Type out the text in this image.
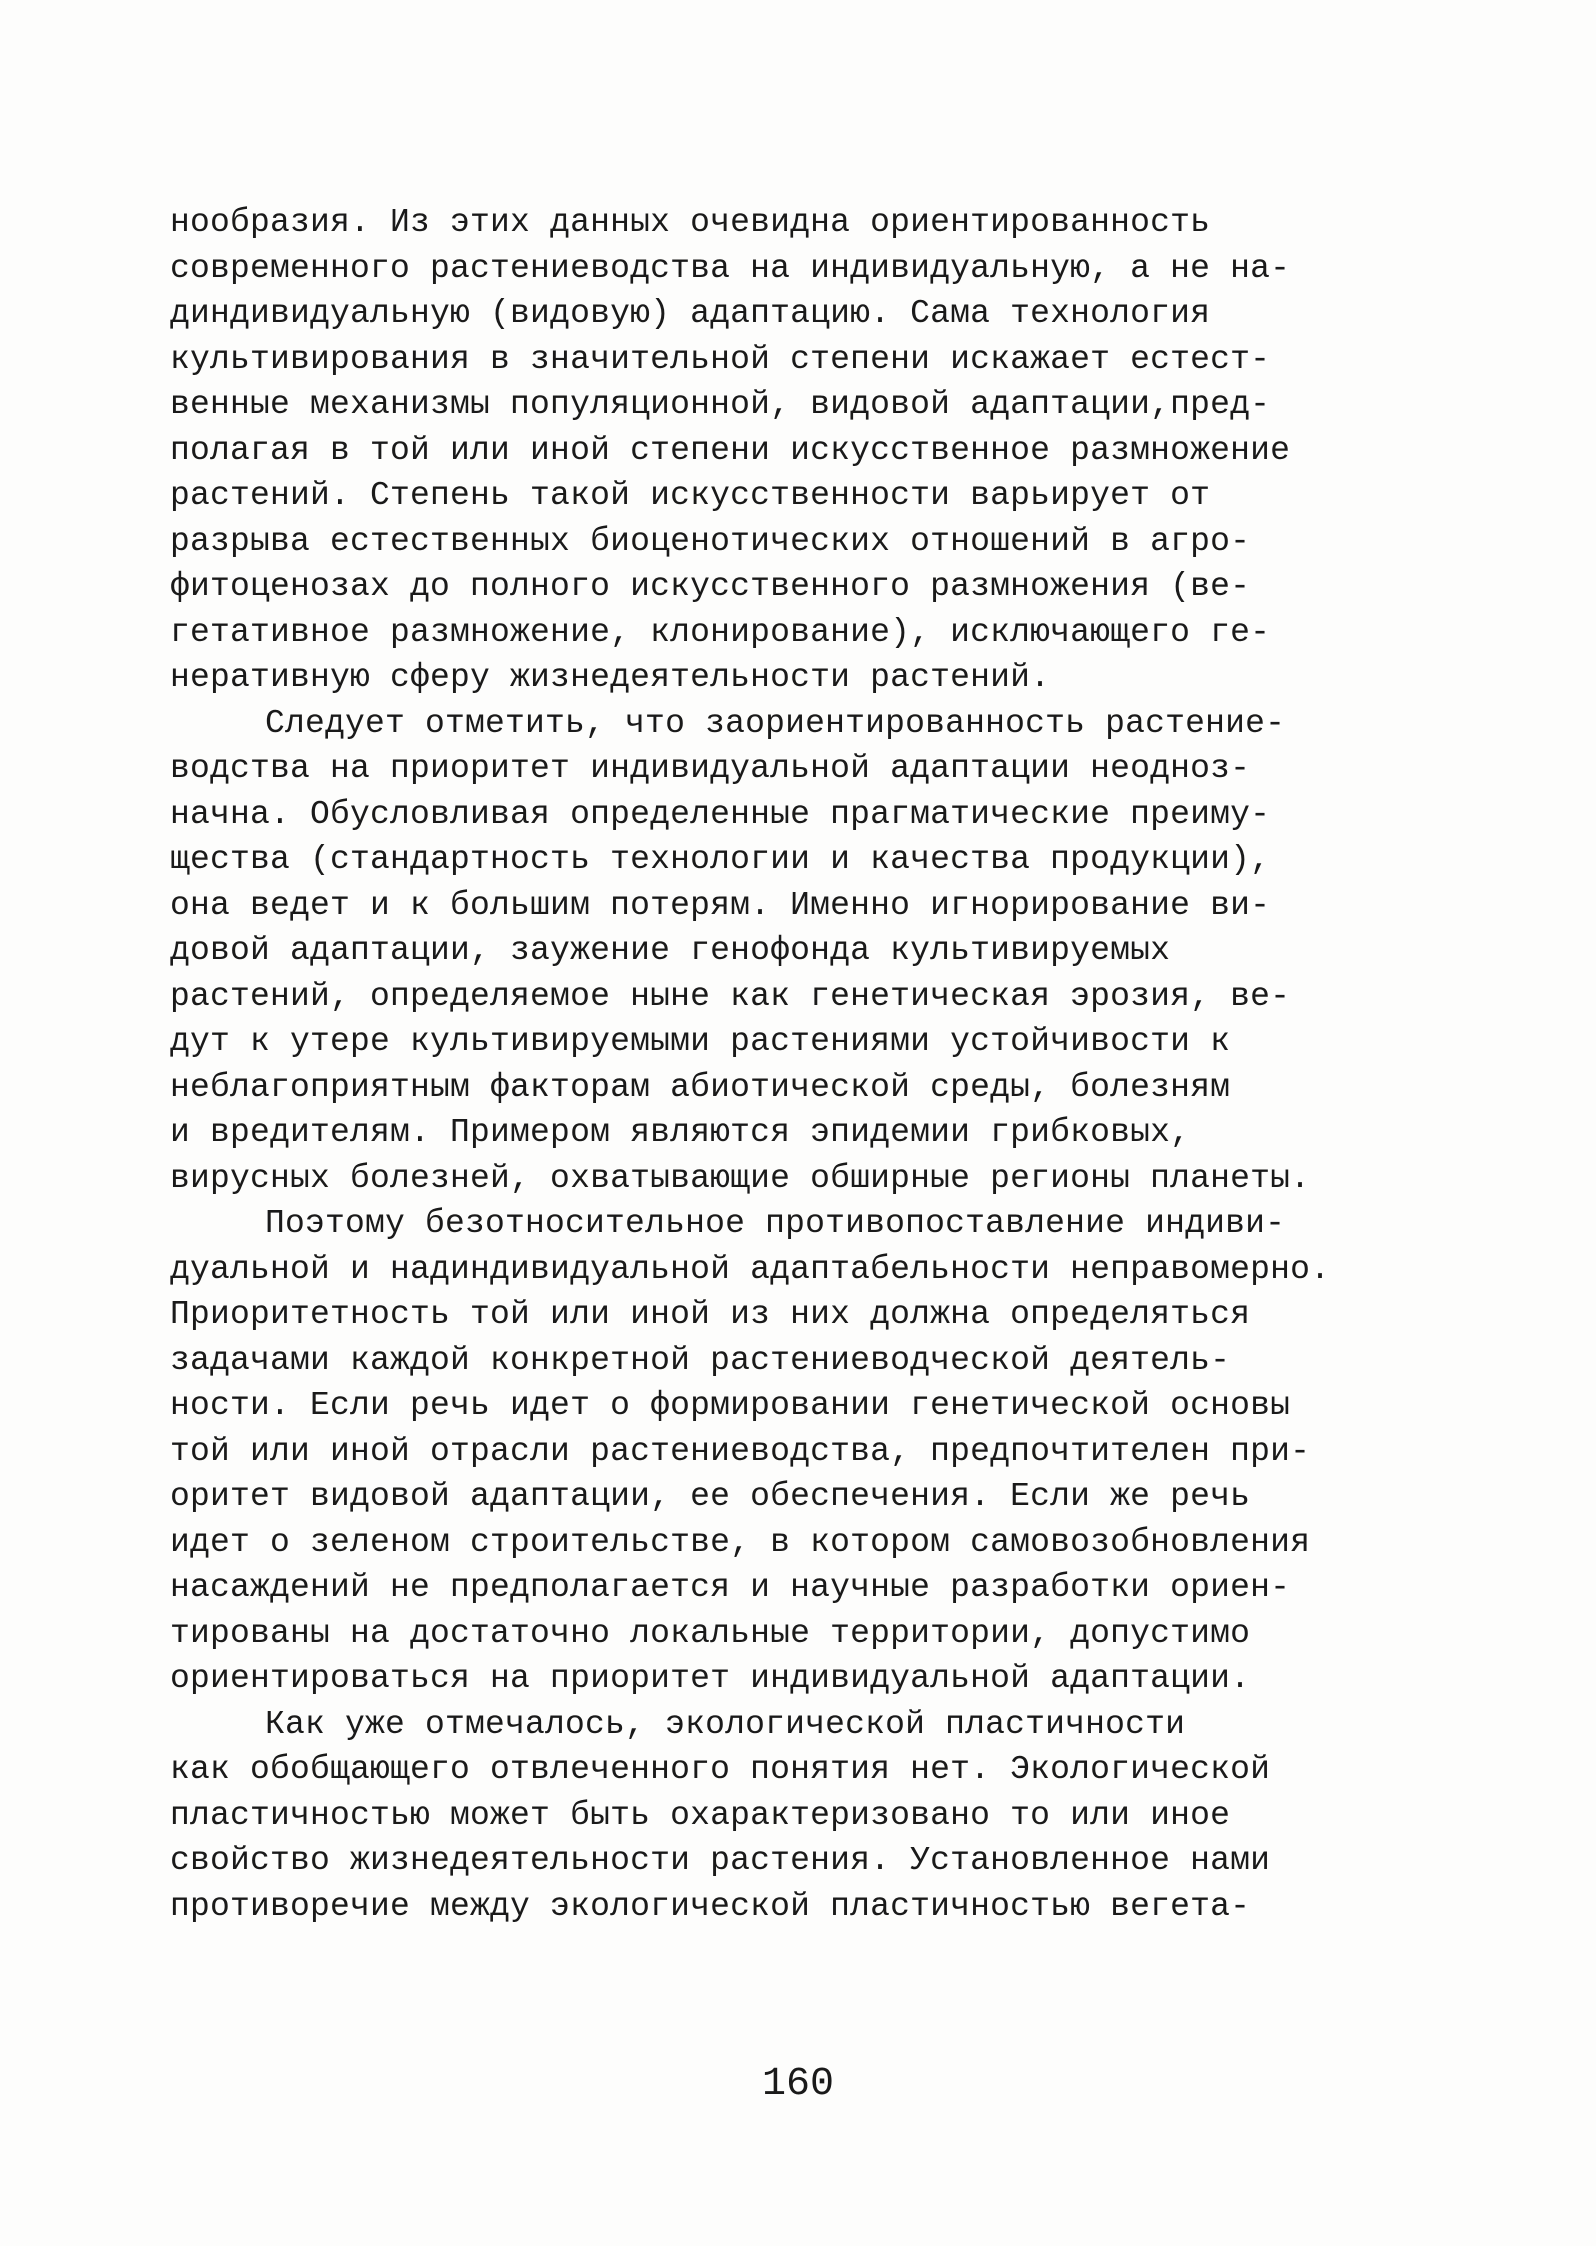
нообразия. Из этих данных очевидна ориентированность
современного растениеводства на индивидуальную, а не на-
диндивидуальную (видовую) адаптацию. Сама технология
культивирования в значительной степени искажает естест-
венные механизмы популяционной, видовой адаптации,пред-
полагая в той или иной степени искусственное размножение
растений. Степень такой искусственности варьирует от
разрыва естественных биоценотических отношений в агро-
фитоценозах до полного искусственного размножения (ве-
гетативное размножение, клонирование), исключающего ге-
неративную сферу жизнедеятельности растений.
Следует отметить, что заориентированность растение-
водства на приоритет индивидуальной адаптации неодноз-
начна. Обусловливая определенные прагматические преиму-
щества (стандартность технологии и качества продукции),
она ведет и к большим потерям. Именно игнорирование ви-
довой адаптации, заужение генофонда культивируемых
растений, определяемое ныне как генетическая эрозия, ве-
дут к утере культивируемыми растениями устойчивости к
неблагоприятным факторам абиотической среды, болезням
и вредителям. Примером являются эпидемии грибковых,
вирусных болезней, охватывающие обширные регионы планеты.
Поэтому безотносительное противопоставление индиви-
дуальной и надиндивидуальной адаптабельности неправомерно.
Приоритетность той или иной из них должна определяться
задачами каждой конкретной растениеводческой деятель-
ности. Если речь идет о формировании генетической основы
той или иной отрасли растениеводства, предпочтителен при-
оритет видовой адаптации, ее обеспечения. Если же речь
идет о зеленом строительстве, в котором самовозобновления
насаждений не предполагается и научные разработки ориен-
тированы на достаточно локальные территории, допустимо
ориентироваться на приоритет индивидуальной адаптации.
Как уже отмечалось, экологической пластичности
как обобщающего отвлеченного понятия нет. Экологической
пластичностью может быть охарактеризовано то или иное
свойство жизнедеятельности растения. Установленное нами
противоречие между экологической пластичностью вегета-
160
